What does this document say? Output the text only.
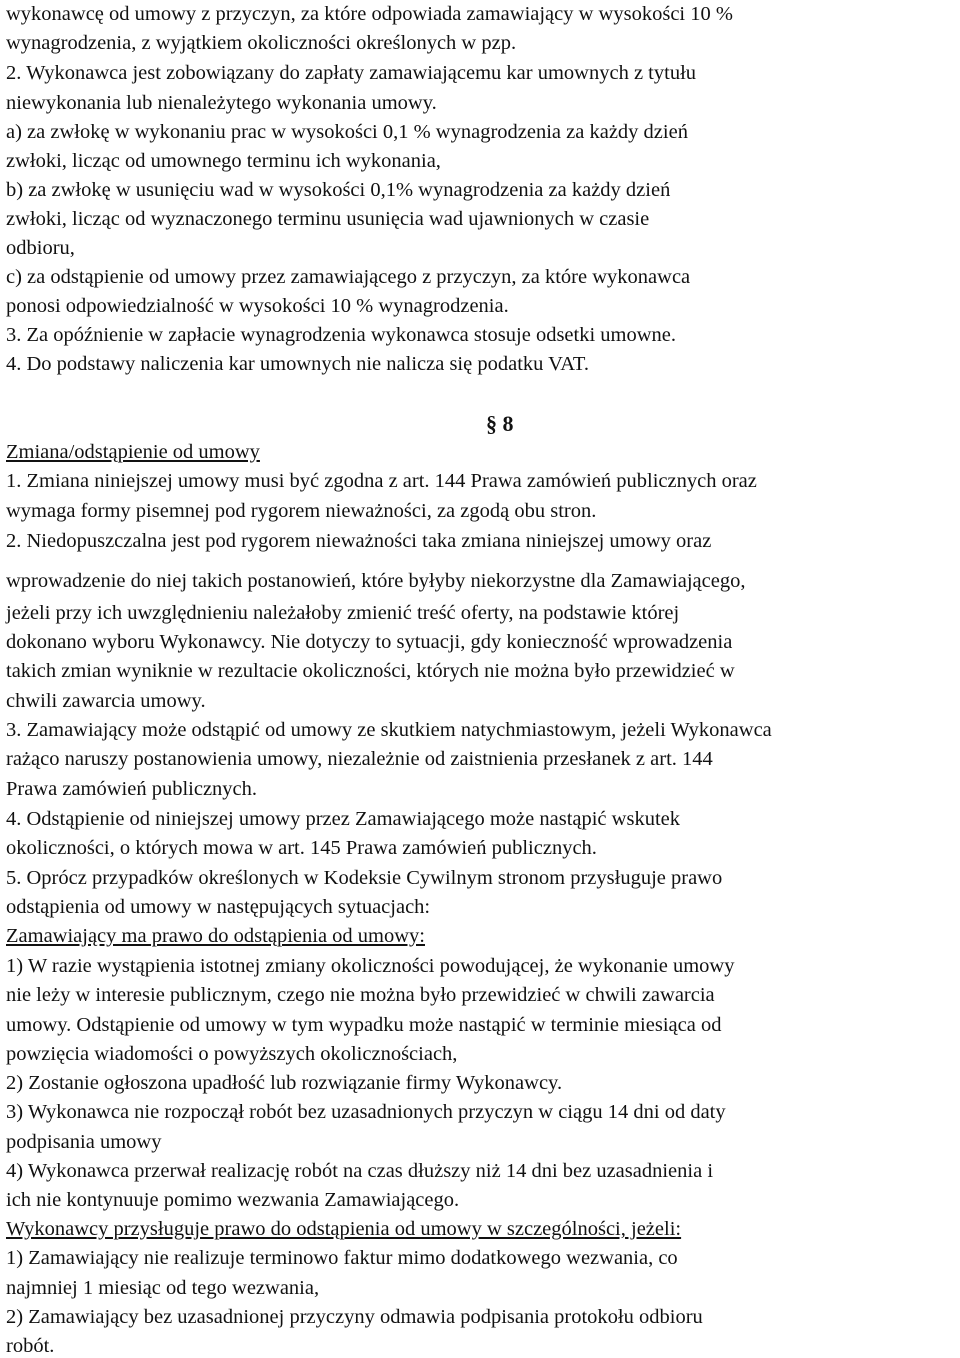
wykonawcę od umowy z przyczyn, za które odpowiada zamawiający w wysokości 10 %
wynagrodzenia, z wyjątkiem okoliczności określonych w pzp.
2. Wykonawca jest zobowiązany do zapłaty zamawiającemu kar umownych z tytułu
niewykonania lub nienależytego wykonania umowy.
a) za zwłokę w wykonaniu prac w wysokości 0,1 % wynagrodzenia za każdy dzień
zwłoki, licząc od umownego terminu ich wykonania,
b) za zwłokę w usunięciu wad w wysokości 0,1% wynagrodzenia za każdy dzień
zwłoki, licząc od wyznaczonego terminu usunięcia wad ujawnionych w czasie
odbioru,
c) za odstąpienie od umowy przez zamawiającego z przyczyn, za które wykonawca
ponosi odpowiedzialność w wysokości 10 % wynagrodzenia.
3. Za opóźnienie w zapłacie wynagrodzenia wykonawca stosuje odsetki umowne.
4. Do podstawy naliczenia kar umownych nie nalicza się podatku VAT.
§ 8
Zmiana/odstąpienie od umowy
1. Zmiana niniejszej umowy musi być zgodna z art. 144 Prawa zamówień publicznych oraz
wymaga formy pisemnej pod rygorem nieważności, za zgodą obu stron.
2. Niedopuszczalna jest pod rygorem nieważności taka zmiana niniejszej umowy oraz
wprowadzenie do niej takich postanowień, które byłyby niekorzystne dla Zamawiającego,
jeżeli przy ich uwzględnieniu należałoby zmienić treść oferty, na podstawie której
dokonano wyboru Wykonawcy. Nie dotyczy to sytuacji, gdy konieczność wprowadzenia
takich zmian wyniknie w rezultacie okoliczności, których nie można było przewidzieć w
chwili zawarcia umowy.
3. Zamawiający może odstąpić od umowy ze skutkiem natychmiastowym, jeżeli Wykonawca
rażąco naruszy postanowienia umowy, niezależnie od zaistnienia przesłanek z art. 144
Prawa zamówień publicznych.
4. Odstąpienie od niniejszej umowy przez Zamawiającego może nastąpić wskutek
okoliczności, o których mowa w art. 145 Prawa zamówień publicznych.
5. Oprócz przypadków określonych w Kodeksie Cywilnym stronom przysługuje prawo
odstąpienia od umowy w następujących sytuacjach:
Zamawiający ma prawo do odstąpienia od umowy:
1) W razie wystąpienia istotnej zmiany okoliczności powodującej, że wykonanie umowy
nie leży w interesie publicznym, czego nie można było przewidzieć w chwili zawarcia
umowy. Odstąpienie od umowy w tym wypadku może nastąpić w terminie miesiąca od
powzięcia wiadomości o powyższych okolicznościach,
2) Zostanie ogłoszona upadłość lub rozwiązanie firmy Wykonawcy.
3) Wykonawca nie rozpoczął robót bez uzasadnionych przyczyn w ciągu 14 dni od daty
podpisania umowy
4) Wykonawca przerwał realizację robót na czas dłuższy niż 14 dni bez uzasadnienia i
ich nie kontynuuje pomimo wezwania Zamawiającego.
Wykonawcy przysługuje prawo do odstąpienia od umowy w szczególności, jeżeli:
1) Zamawiający nie realizuje terminowo faktur mimo dodatkowego wezwania, co
najmniej 1 miesiąc od tego wezwania,
2) Zamawiający bez uzasadnionej przyczyny odmawia podpisania protokołu odbioru
robót.
